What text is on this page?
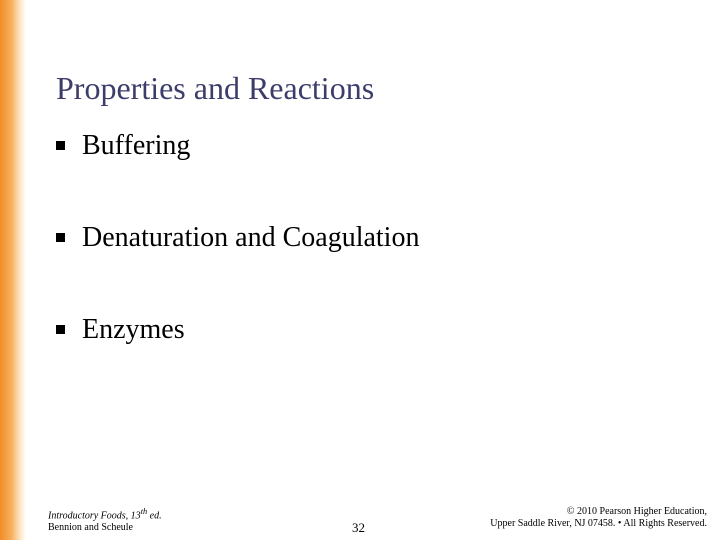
Properties and Reactions
Buffering
Denaturation and Coagulation
Enzymes
Introductory Foods, 13th ed.
Bennion and Scheule	32
© 2010 Pearson Higher Education,
Upper Saddle River, NJ 07458. • All Rights Reserved.
